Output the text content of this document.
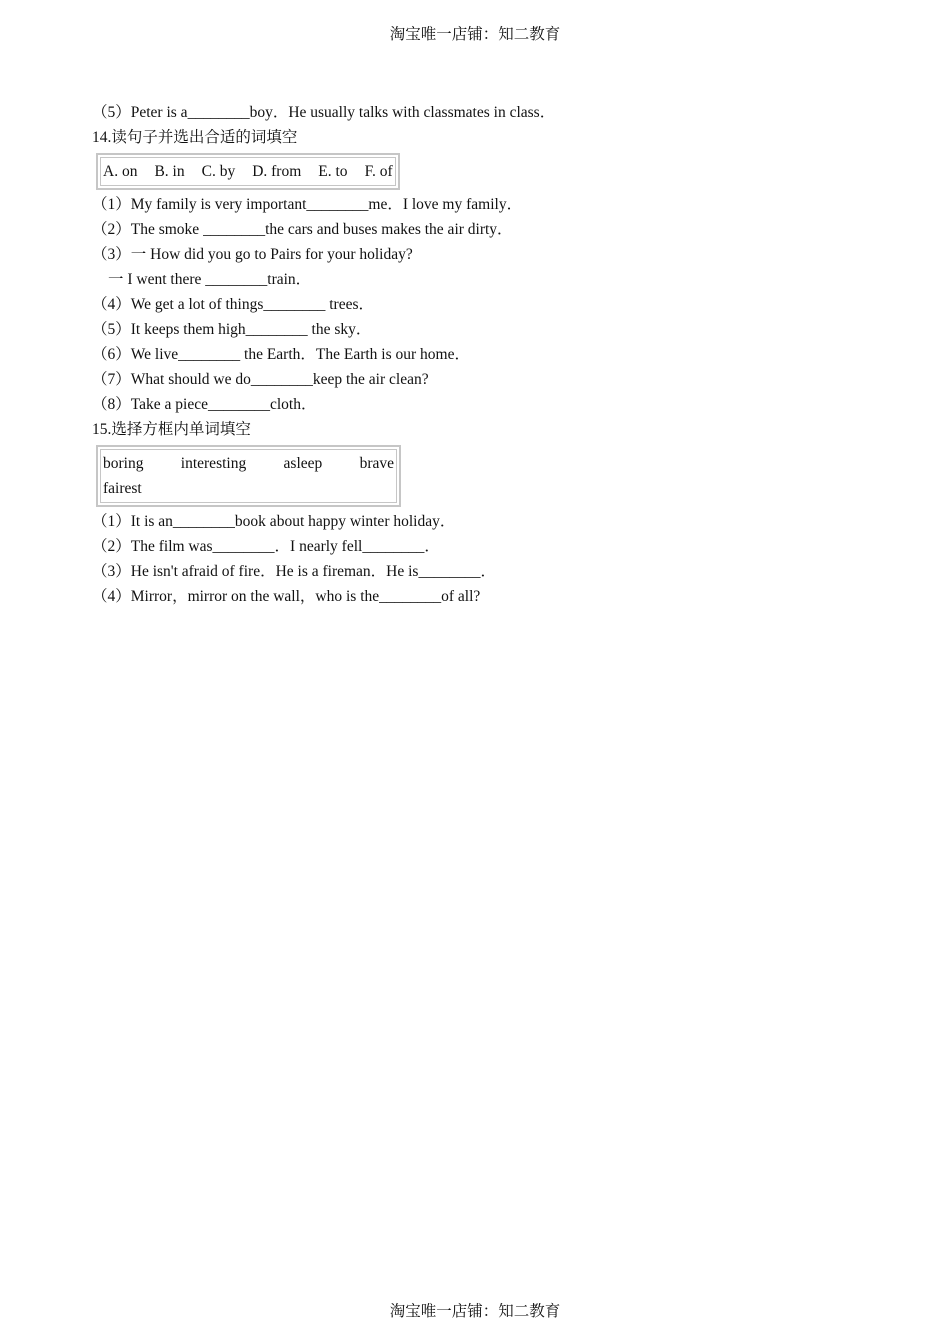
淘宝唯一店铺：知二教育
（5）Peter is a________boy．He usually talks with classmates in class．
14.读句子并选出合适的词填空
A. on B. in C. by D. from E. to F. of
（1）My family is very important________me．I love my family．
（2）The smoke ________the cars and buses makes the air dirty．
（3）一 How did you go to Pairs for your holiday?
一 I went there ________train．
（4）We get a lot of things________ trees．
（5）It keeps them high________ the sky．
（6）We live________ the Earth．The Earth is our home．
（7）What should we do________keep the air clean?
（8）Take a piece________cloth．
15.选择方框内单词填空
boring interesting asleep brave
fairest
（1）It is an________book about happy winter holiday．
（2）The film was________．I nearly fell________．
（3）He isn't afraid of fire．He is a fireman．He is________．
（4）Mirror，mirror on the wall，who is the________of all?
淘宝唯一店铺：知二教育
